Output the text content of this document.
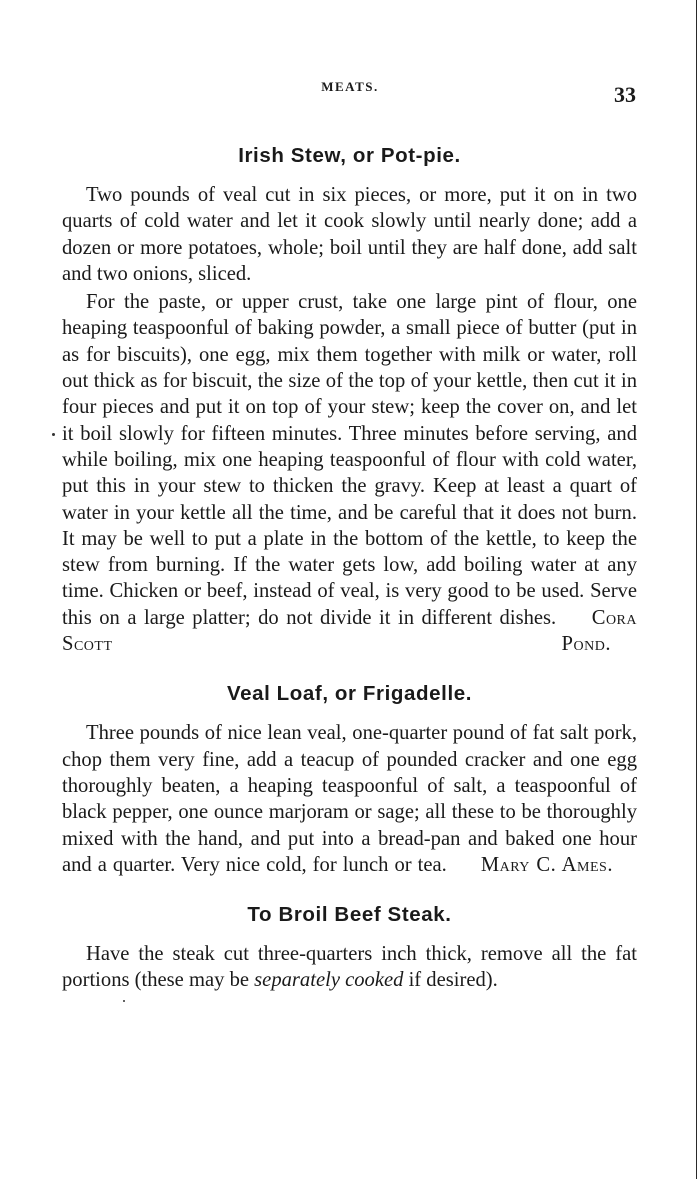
MEATS.	33
Irish Stew, or Pot-pie.

Two pounds of veal cut in six pieces, or more, put it on in two quarts of cold water and let it cook slowly until nearly done; add a dozen or more potatoes, whole; boil until they are half done, add salt and two onions, sliced.

For the paste, or upper crust, take one large pint of flour, one heaping teaspoonful of baking powder, a small piece of butter (put in as for biscuits), one egg, mix them together with milk or water, roll out thick as for biscuit, the size of the top of your kettle, then cut it in four pieces and put it on top of your stew; keep the cover on, and let it boil slowly for fifteen minutes. Three minutes before serving, and while boiling, mix one heaping teaspoonful of flour with cold water, put this in your stew to thicken the gravy. Keep at least a quart of water in your kettle all the time, and be careful that it does not burn. It may be well to put a plate in the bottom of the kettle, to keep the stew from burning. If the water gets low, add boiling water at any time. Chicken or beef, instead of veal, is very good to be used. Serve this on a large platter; do not divide it in different dishes. Cora Scott Pond.

Veal Loaf, or Frigadelle.

Three pounds of nice lean veal, one-quarter pound of fat salt pork, chop them very fine, add a teacup of pounded cracker and one egg thoroughly beaten, a heaping teaspoonful of salt, a teaspoonful of black pepper, one ounce marjoram or sage; all these to be thoroughly mixed with the hand, and put into a bread-pan and baked one hour and a quarter. Very nice cold, for lunch or tea. Mary C. Ames.

To Broil Beef Steak.

Have the steak cut three-quarters inch thick, remove all the fat portions (these may be separately cooked if desired).
